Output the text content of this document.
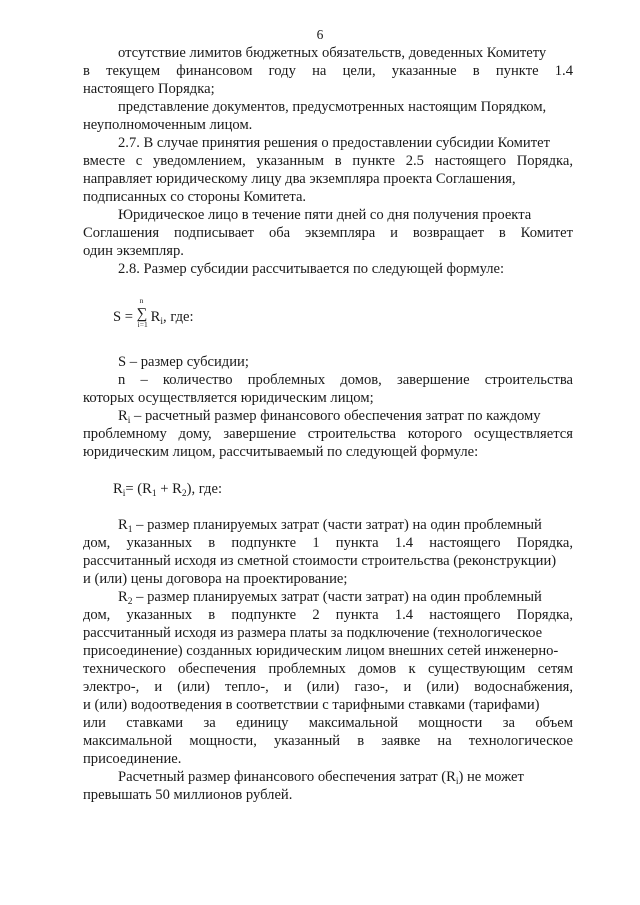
6
отсутствие лимитов бюджетных обязательств, доведенных Комитету
в текущем финансовом году на цели, указанные в пункте 1.4
настоящего Порядка;
представление документов, предусмотренных настоящим Порядком,
неуполномоченным лицом.
2.7. В случае принятия решения о предоставлении субсидии Комитет
вместе с уведомлением, указанным в пункте 2.5 настоящего Порядка,
направляет юридическому лицу два экземпляра проекта Соглашения,
подписанных со стороны Комитета.
Юридическое лицо в течение пяти дней со дня получения проекта
Соглашения подписывает оба экземпляра и возвращает в Комитет
один экземпляр.
2.8. Размер субсидии рассчитывается по следующей формуле:
S =
n
∑
i=1 $R_i$, где:
S – размер субсидии;
n – количество проблемных домов, завершение строительства
которых осуществляется юридическим лицом;
$R_i$ – расчетный размер финансового обеспечения затрат по каждому
проблемному дому, завершение строительства которого осуществляется
юридическим лицом, рассчитываемый по следующей формуле:
$R_i= (R_1 + R_2)$, где:
$R_1$ – размер планируемых затрат (части затрат) на один проблемный
дом, указанных в подпункте 1 пункта 1.4 настоящего Порядка,
рассчитанный исходя из сметной стоимости строительства (реконструкции)
и (или) цены договора на проектирование;
$R_2$ – размер планируемых затрат (части затрат) на один проблемный
дом, указанных в подпункте 2 пункта 1.4 настоящего Порядка,
рассчитанный исходя из размера платы за подключение (технологическое
присоединение) созданных юридическим лицом внешних сетей инженерно-
технического обеспечения проблемных домов к существующим сетям
электро-, и (или) тепло-, и (или) газо-, и (или) водоснабжения,
и (или) водоотведения в соответствии с тарифными ставками (тарифами)
или ставками за единицу максимальной мощности за объем
максимальной мощности, указанный в заявке на технологическое
присоединение.
Расчетный размер финансового обеспечения затрат $(R_i)$ не может
превышать 50 миллионов рублей.
